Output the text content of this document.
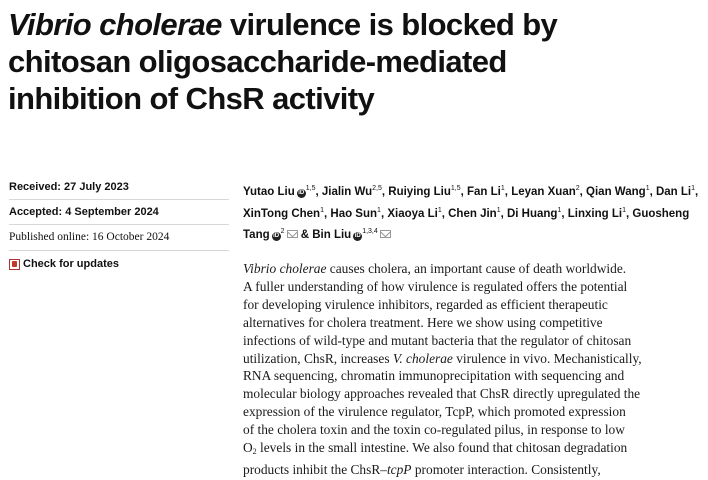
Vibrio cholerae virulence is blocked by
chitosan oligosaccharide-mediated
inhibition of ChsR activity
Received: 27 July 2023
Accepted: 4 September 2024
Published online: 16 October 2024
Check for updates
Yutao Liu iD$^{1,5}$, Jialin Wu$^{2,5}$, Ruiying Liu$^{1,5}$, Fan Li$^1$, Leyan Xuan$^2$, Qian Wang$^1$, Dan Li$^1$, XinTong Chen$^1$, Hao Sun$^1$, Xiaoya Li$^1$, Chen Jin$^1$, Di Huang$^1$, Linxing Li$^1$, Guosheng Tang $iD^2$ & Bin Liu iD$^{1,3,4}$
Vibrio cholerae causes cholera, an important cause of death worldwide.
A fuller understanding of how virulence is regulated offers the potential
for developing virulence inhibitors, regarded as efficient therapeutic
alternatives for cholera treatment. Here we show using competitive
infections of wild-type and mutant bacteria that the regulator of chitosan
utilization, ChsR, increases V. cholerae virulence in vivo. Mechanistically,
RNA sequencing, chromatin immunoprecipitation with sequencing and
molecular biology approaches revealed that ChsR directly upregulated the
expression of the virulence regulator, TcpP, which promoted expression
of the cholera toxin and the toxin co-regulated pilus, in response to low
$O_2$ levels in the small intestine. We also found that chitosan degradation
products inhibit the ChsR–tcpP promoter interaction. Consistently,
